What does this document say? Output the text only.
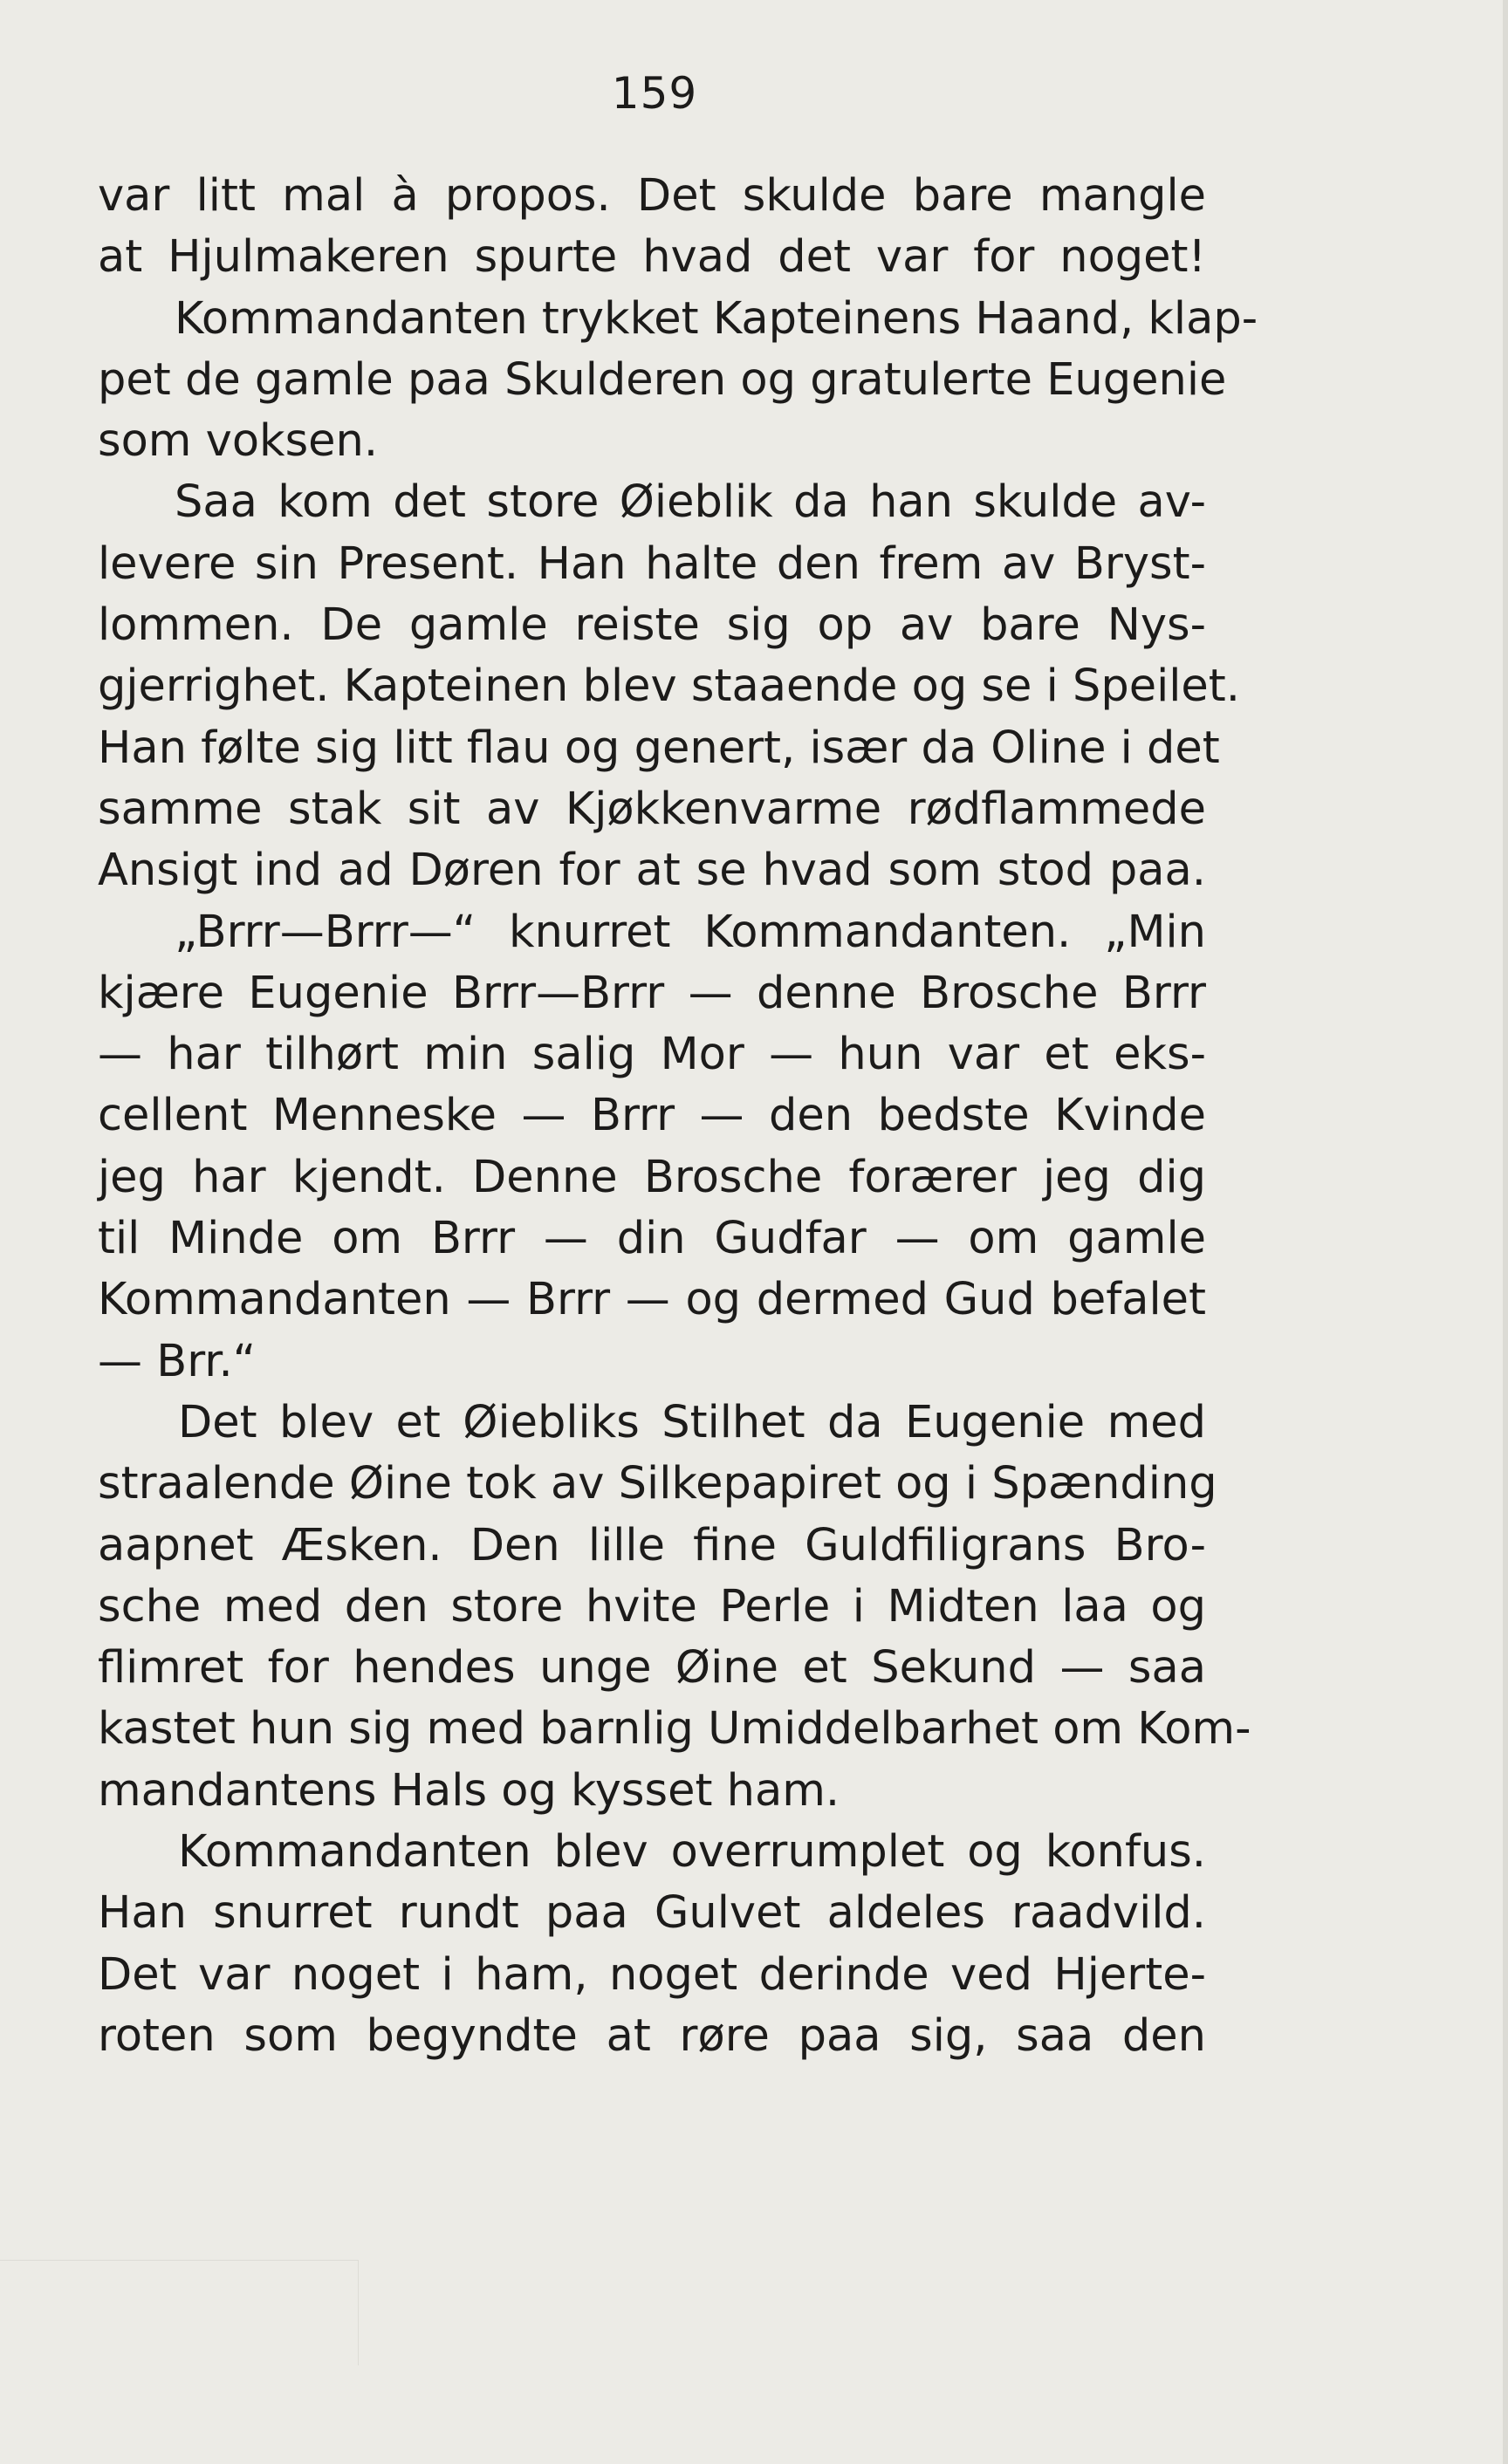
159
var litt mal à propos. Det skulde bare mangle
at Hjulmakeren spurte hvad det var for noget!
Kommandanten trykket Kapteinens Haand, klap-
pet de gamle paa Skulderen og gratulerte Eugenie
som voksen.
Saa kom det store Øieblik da han skulde av-
levere sin Present. Han halte den frem av Bryst-
lommen. De gamle reiste sig op av bare Nys-
gjerrighet. Kapteinen blev staaende og se i Speilet.
Han følte sig litt flau og genert, især da Oline i det
samme stak sit av Kjøkkenvarme rødflammede
Ansigt ind ad Døren for at se hvad som stod paa.
„Brrr—Brrr—“ knurret Kommandanten. „Min
kjære Eugenie Brrr—Brrr — denne Brosche Brrr
— har tilhørt min salig Mor — hun var et eks-
cellent Menneske — Brrr — den bedste Kvinde
jeg har kjendt. Denne Brosche forærer jeg dig
til Minde om Brrr — din Gudfar — om gamle
Kommandanten — Brrr — og dermed Gud befalet
— Brr.“
Det blev et Øiebliks Stilhet da Eugenie med
straalende Øine tok av Silkepapiret og i Spænding
aapnet Æsken. Den lille fine Guldfiligrans Bro-
sche med den store hvite Perle i Midten laa og
flimret for hendes unge Øine et Sekund — saa
kastet hun sig med barnlig Umiddelbarhet om Kom-
mandantens Hals og kysset ham.
Kommandanten blev overrumplet og konfus.
Han snurret rundt paa Gulvet aldeles raadvild.
Det var noget i ham, noget derinde ved Hjerte-
roten som begyndte at røre paa sig, saa den
